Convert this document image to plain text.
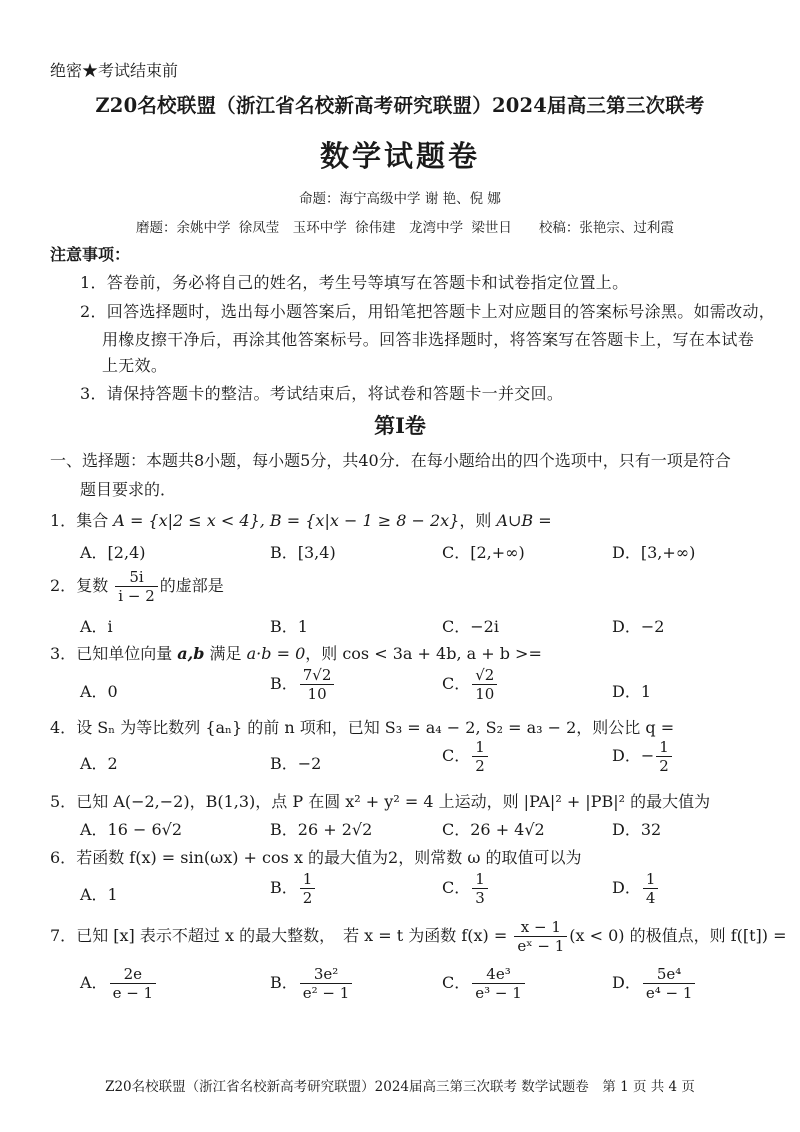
绝密★考试结束前
Z20名校联盟（浙江省名校新高考研究联盟）2024届高三第三次联考
数学试题卷
命题：海宁高级中学 谢 艳、倪 娜
磨题：余姚中学 徐凤莹　玉环中学 徐伟建　龙湾中学 梁世日　　校稿：张艳宗、过利霞
注意事项：
1．答卷前，务必将自己的姓名，考生号等填写在答题卡和试卷指定位置上。
2．回答选择题时，选出每小题答案后，用铅笔把答题卡上对应题目的答案标号涂黑。如需改动，
用橡皮擦干净后，再涂其他答案标号。回答非选择题时，将答案写在答题卡上，写在本试卷
上无效。
3．请保持答题卡的整洁。考试结束后，将试卷和答题卡一并交回。
第Ⅰ卷
一、选择题：本题共8小题，每小题5分，共40分．在每小题给出的四个选项中，只有一项是符合
题目要求的．
1．集合 A = {x|2 ≤ x < 4}, B = {x|x − 1 ≥ 8 − 2x}，则 A∪B =
A．[2,4)	B．[3,4)	C．[2,+∞)	D．[3,+∞)
2．复数 $\frac{5i}{i - 2}$ 的虚部是
A．i	B．1	C．−2i	D．−2
3．已知单位向量 a,b 满足 a·b = 0，则 cos < 3a + 4b, a + b >=
A．0	B． $\frac{7√2}{10}$	C． $\frac{√2}{10}$	D．1
4．设 Sₙ 为等比数列 {aₙ} 的前 n 项和，已知 S₃ = a₄ − 2, S₂ = a₃ − 2，则公比 q =
A．2	B．−2	C． $\frac{1}{2}$	D．− $\frac{1}{2}$
5．已知 A(−2,−2)，B(1,3)，点 P 在圆 x² + y² = 4 上运动，则 |PA|² + |PB|² 的最大值为
A．16 − 6√2	B．26 + 2√2	C．26 + 4√2	D．32
6．若函数 f(x) = sin(ωx) + cos x 的最大值为2，则常数 ω 的取值可以为
A．1	B． $\frac{1}{2}$	C． $\frac{1}{3}$	D． $\frac{1}{4}$
7．已知 [x] 表示不超过 x 的最大整数，　若 x = t 为函数 $f(x) = \frac{x - 1}{\text{eˣ − 1}} (x < 0)$ 的极值点，则 f([t]) =
A． $\frac{2e}{e - 1}$	B． $\frac{\text{3e²}}{\text{e² − 1}}$	C． $\frac{\text{4e³}}{\text{e³ − 1}}$	D． $\frac{\text{5e⁴}}{\text{e⁴ − 1}}$
Z20名校联盟（浙江省名校新高考研究联盟）2024届高三第三次联考 数学试题卷　第 1 页 共 4 页
